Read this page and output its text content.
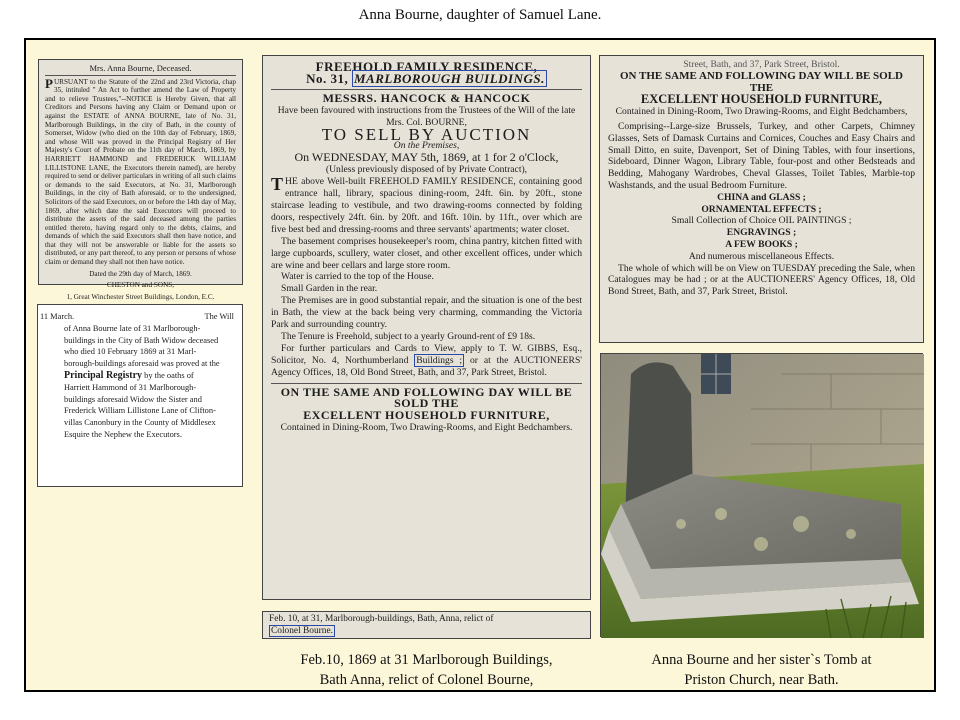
Anna Bourne, daughter of Samuel Lane.
Mrs. Anna Bourne, Deceased.
P URSUANT to the Statute of the 22nd and 23rd Victoria, chap 35, intituled " An Act to further amend the Law of Property and to relieve Trustees,"--NOTICE is Hereby Given, that all Creditors and Persons having any Claim or Demand upon or against the ESTATE of ANNA BOURNE, late of No. 31, Marlborough Buildings, in the city of Bath, in the county of Somerset, Widow (who died on the 10th day of February, 1869, and whose Will was proved in the Principal Registry of Her Majesty's Court of Probate on the 11th day of March, 1869, by HARRIETT HAMMOND and FREDERICK WILLIAM LILLISTONE LANE, the Executors therein named), are hereby required to send or deliver particulars in writing of all such claims or demands to the said Executors, at No. 31, Marlborough Buildings, in the city of Bath aforesaid, or to the undersigned, Solicitors of the said Executors, on or before the 14th day of May, 1869, after which date the said Executors will proceed to distribute the assets of the said deceased among the parties entitled thereto, having regard only to the debts, claims, and demands of which the said Executors shall then have notice, and that they will not be answerable or liable for the assets so distributed, or any part thereof, to any person or persons of whose claim or demand they shall not then have notice.

Dated the 29th day of March, 1869.

CHESTON and SONS,

1, Great Winchester Street Buildings, London, E.C.

11 March.	The Will
of Anna Bourne late of 31 Marlborough-
buildings in the City of Bath Widow deceased
who died 10 February 1869 at 31 Marl-
borough-buildings aforesaid was proved at the
Principal Registry by the oaths of
Harriett Hammond of 31 Marlborough-
buildings aforesaid Widow the Sister and
Frederick William Lillistone Lane of Clifton-
villas Canonbury in the County of Middlesex
Esquire the Nephew the Executors.
FREEHOLD FAMILY RESIDENCE,
No. 31, MARLBOROUGH BUILDINGS.
MESSRS. HANCOCK & HANCOCK

Have been favoured with instructions from the Trustees of the Will of the late Mrs. Col. BOURNE,

TO SELL BY AUCTION

On the Premises,

On WEDNESDAY, MAY 5th, 1869, at 1 for 2 o'Clock,

(Unless previously disposed of by Private Contract),

THE above Well-built FREEHOLD FAMILY RESIDENCE, containing good entrance hall, library, spacious dining-room, 24ft. 6in. by 20ft., stone staircase leading to vestibule, and two drawing-rooms connected by folding doors, respectively 24ft. 6in. by 20ft. and 16ft. 10in. by 11ft., over which are five best bed and dressing-rooms and three servants' apartments; water closet.

The basement comprises housekeeper's room, china pantry, kitchen fitted with large cupboards, scullery, water closet, and other excellent offices, under which are wine and beer cellars and large store room.

Water is carried to the top of the House.

Small Garden in the rear.

The Premises are in good substantial repair, and the situation is one of the best in Bath, the view at the back being very charming, commanding the Victoria Park and surrounding country.

The Tenure is Freehold, subject to a yearly Ground-rent of £9 18s.

For further particulars and Cards to View, apply to T. W. GIBBS, Esq., Solicitor, No. 4, Northumberland Buildings ; or at the AUCTIONEERS' Agency Offices, 18, Old Bond Street, Bath, and 37, Park Street, Bristol.

ON THE SAME AND FOLLOWING DAY WILL BE SOLD THE
EXCELLENT HOUSEHOLD FURNITURE,

Contained in Dining-Room, Two Drawing-Rooms, and Eight Bedchambers.

Feb. 10, at 31, Marlborough-buildings, Bath, Anna, relict of
Colonel Bourne.

Street, Bath, and 37, Park Street, Bristol.

ON THE SAME AND FOLLOWING DAY WILL BE SOLD THE

EXCELLENT HOUSEHOLD FURNITURE,

Contained in Dining-Room, Two Drawing-Rooms, and Eight Bedchambers,

Comprising--Large-size Brussels, Turkey, and other Carpets, Chimney Glasses, Sets of Damask Curtains and Cornices, Couches and Easy Chairs and Small Ditto, en suite, Davenport, Set of Dining Tables, with four insertions, Sideboard, Dinner Wagon, Library Table, four-post and other Bedsteads and Bedding, Mahogany Wardrobes, Cheval Glasses, Toilet Tables, Marble-top Washstands, and the usual Bedroom Furniture.

CHINA and GLASS ;

ORNAMENTAL EFFECTS ;

Small Collection of Choice OIL PAINTINGS ;

ENGRAVINGS ;

A FEW BOOKS ;

And numerous miscellaneous Effects.

The whole of which will be on View on TUESDAY preceding the Sale, when Catalogues may be had ; or at the AUCTIONEERS' Agency Offices, 18, Old Bond Street, Bath, and 37, Park Street, Bristol.

Feb.10, 1869 at 31 Marlborough Buildings,
Bath Anna, relict of Colonel Bourne,
Anna Bourne and her sister`s Tomb at
Priston Church, near Bath.
